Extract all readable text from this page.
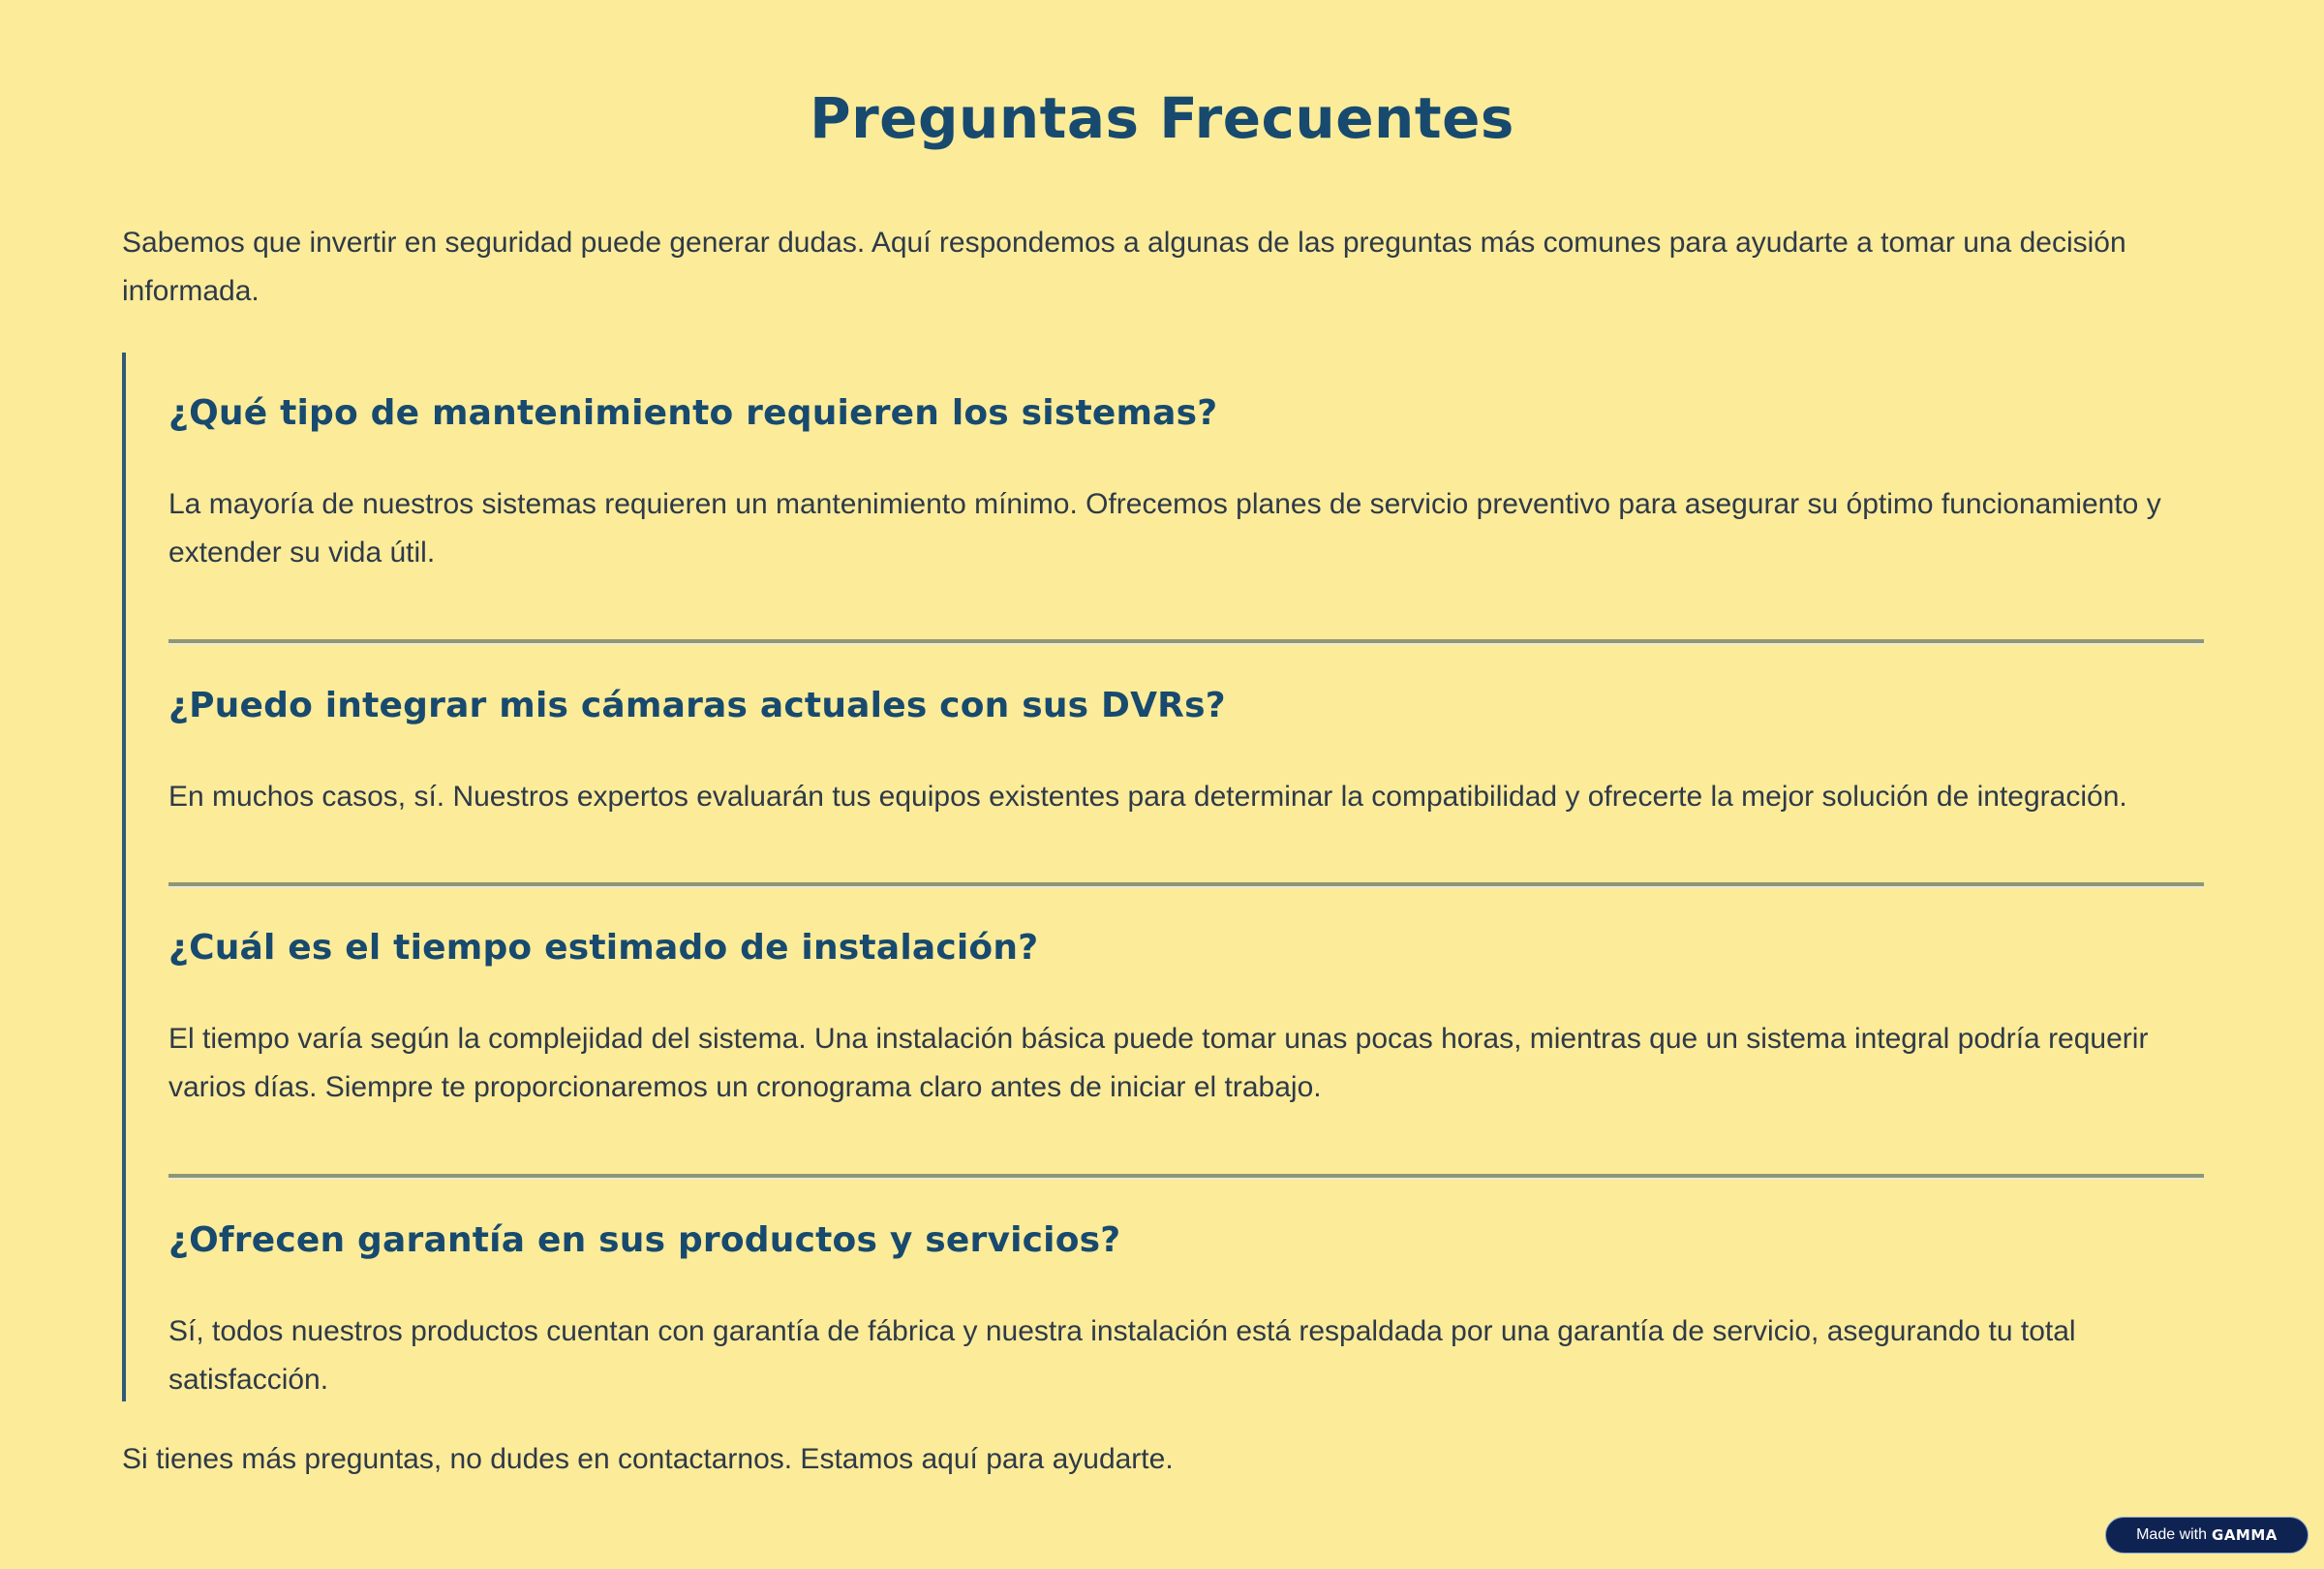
Preguntas Frecuentes

Sabemos que invertir en seguridad puede generar dudas. Aquí respondemos a algunas de las preguntas más comunes para ayudarte a tomar una decisión informada.

¿Qué tipo de mantenimiento requieren los sistemas?

La mayoría de nuestros sistemas requieren un mantenimiento mínimo. Ofrecemos planes de servicio preventivo para asegurar su óptimo funcionamiento y extender su vida útil.

¿Puedo integrar mis cámaras actuales con sus DVRs?

En muchos casos, sí. Nuestros expertos evaluarán tus equipos existentes para determinar la compatibilidad y ofrecerte la mejor solución de integración.

¿Cuál es el tiempo estimado de instalación?

El tiempo varía según la complejidad del sistema. Una instalación básica puede tomar unas pocas horas, mientras que un sistema integral podría requerir varios días. Siempre te proporcionaremos un cronograma claro antes de iniciar el trabajo.

¿Ofrecen garantía en sus productos y servicios?

Sí, todos nuestros productos cuentan con garantía de fábrica y nuestra instalación está respaldada por una garantía de servicio, asegurando tu total satisfacción.

Si tienes más preguntas, no dudes en contactarnos. Estamos aquí para ayudarte.

Made with GAMMA
